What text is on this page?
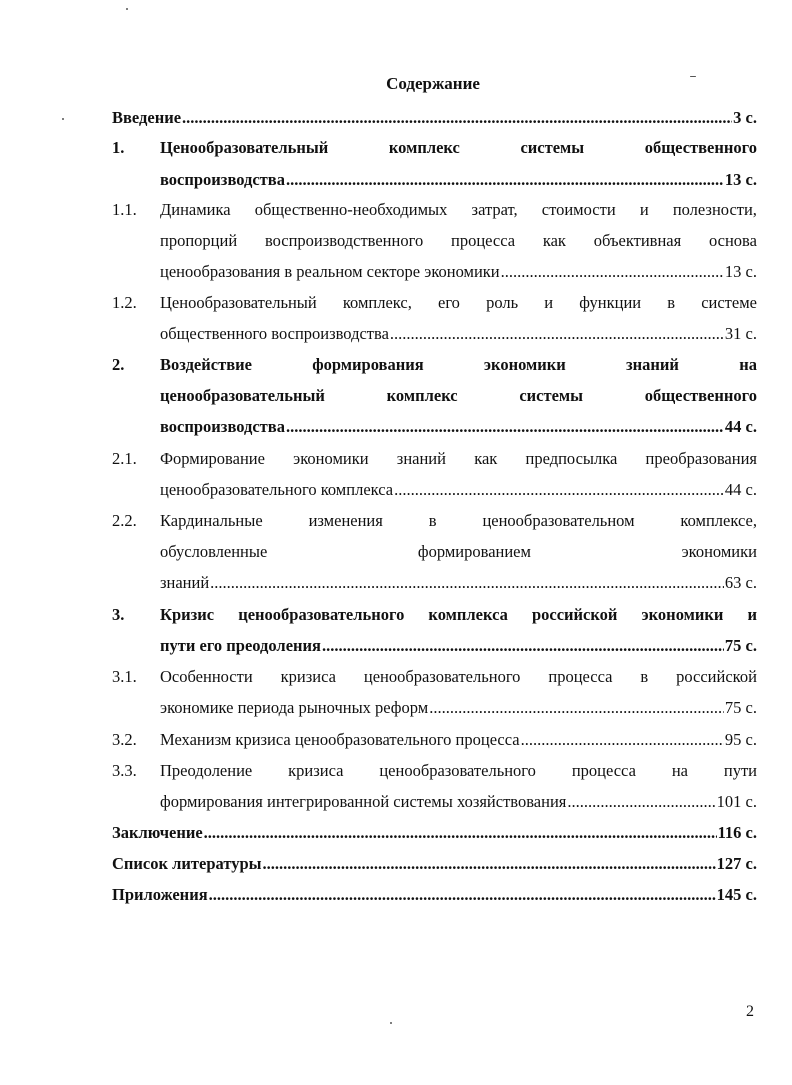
Содержание
Введение .....	3 с.
1. Ценообразовательный	комплекс	системы	общественного
воспроизводства .....	13 с.
1.1. Динамика общественно-необходимых затрат, стоимости и полезности,
пропорций воспроизводственного процесса как объективная основа
ценообразования в реальном секторе экономики .....	13 с.
1.2. Ценообразовательный комплекс, его роль и функции в системе
общественного воспроизводства .....	31 с.
2. Воздействие	формирования	экономики	знаний	на
ценообразовательный	комплекс	системы	общественного
воспроизводства .....	44 с.
2.1. Формирование экономики знаний как предпосылка преобразования
ценообразовательного комплекса .....	44 с.
2.2. Кардинальные	изменения	в	ценообразовательном	комплексе,
обусловленные	формированием	экономики
знаний .....	63 с.
3. Кризис ценообразовательного комплекса российской экономики и
пути его преодоления .....	75 с.
3.1. Особенности кризиса ценообразовательного процесса в российской
экономике периода рыночных реформ .....	75 с.
3.2. Механизм кризиса ценообразовательного процесса .....	95 с.
3.3. Преодоление кризиса ценообразовательного процесса на пути
формирования интегрированной системы хозяйствования .....	101 с.
Заключение .....	116 с.
Список литературы .....	127 с.
Приложения .....	145 с.
2
